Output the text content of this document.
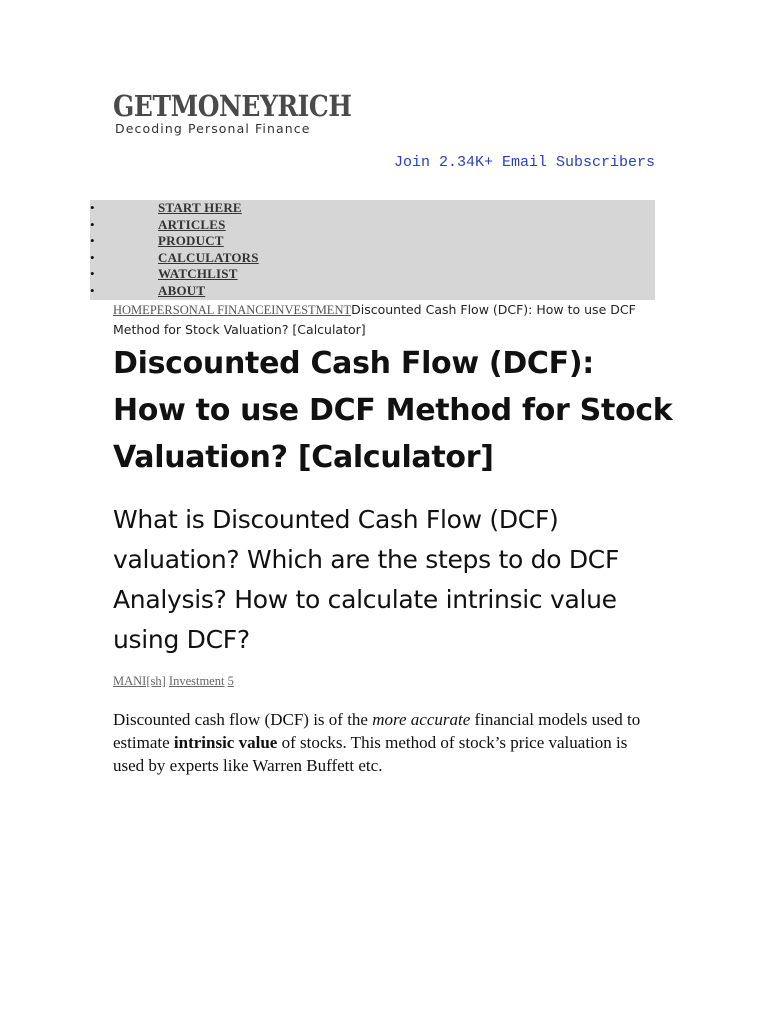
GETMONEYRICH
Decoding Personal Finance
Join 2.34K+ Email Subscribers
•	START HERE
•	ARTICLES
•	PRODUCT
•	CALCULATORS
•	WATCHLIST
•	ABOUT
HOMEPERSONAL FINANCEINVESTMENTDiscounted Cash Flow (DCF): How to use DCF Method for Stock Valuation? [Calculator]
Discounted Cash Flow (DCF): How to use DCF Method for Stock Valuation? [Calculator]
What is Discounted Cash Flow (DCF) valuation? Which are the steps to do DCF Analysis? How to calculate intrinsic value using DCF?
MANI[sh] Investment 5

Discounted cash flow (DCF) is of the more accurate financial models used to estimate intrinsic value of stocks. This method of stock’s price valuation is used by experts like Warren Buffett etc.
